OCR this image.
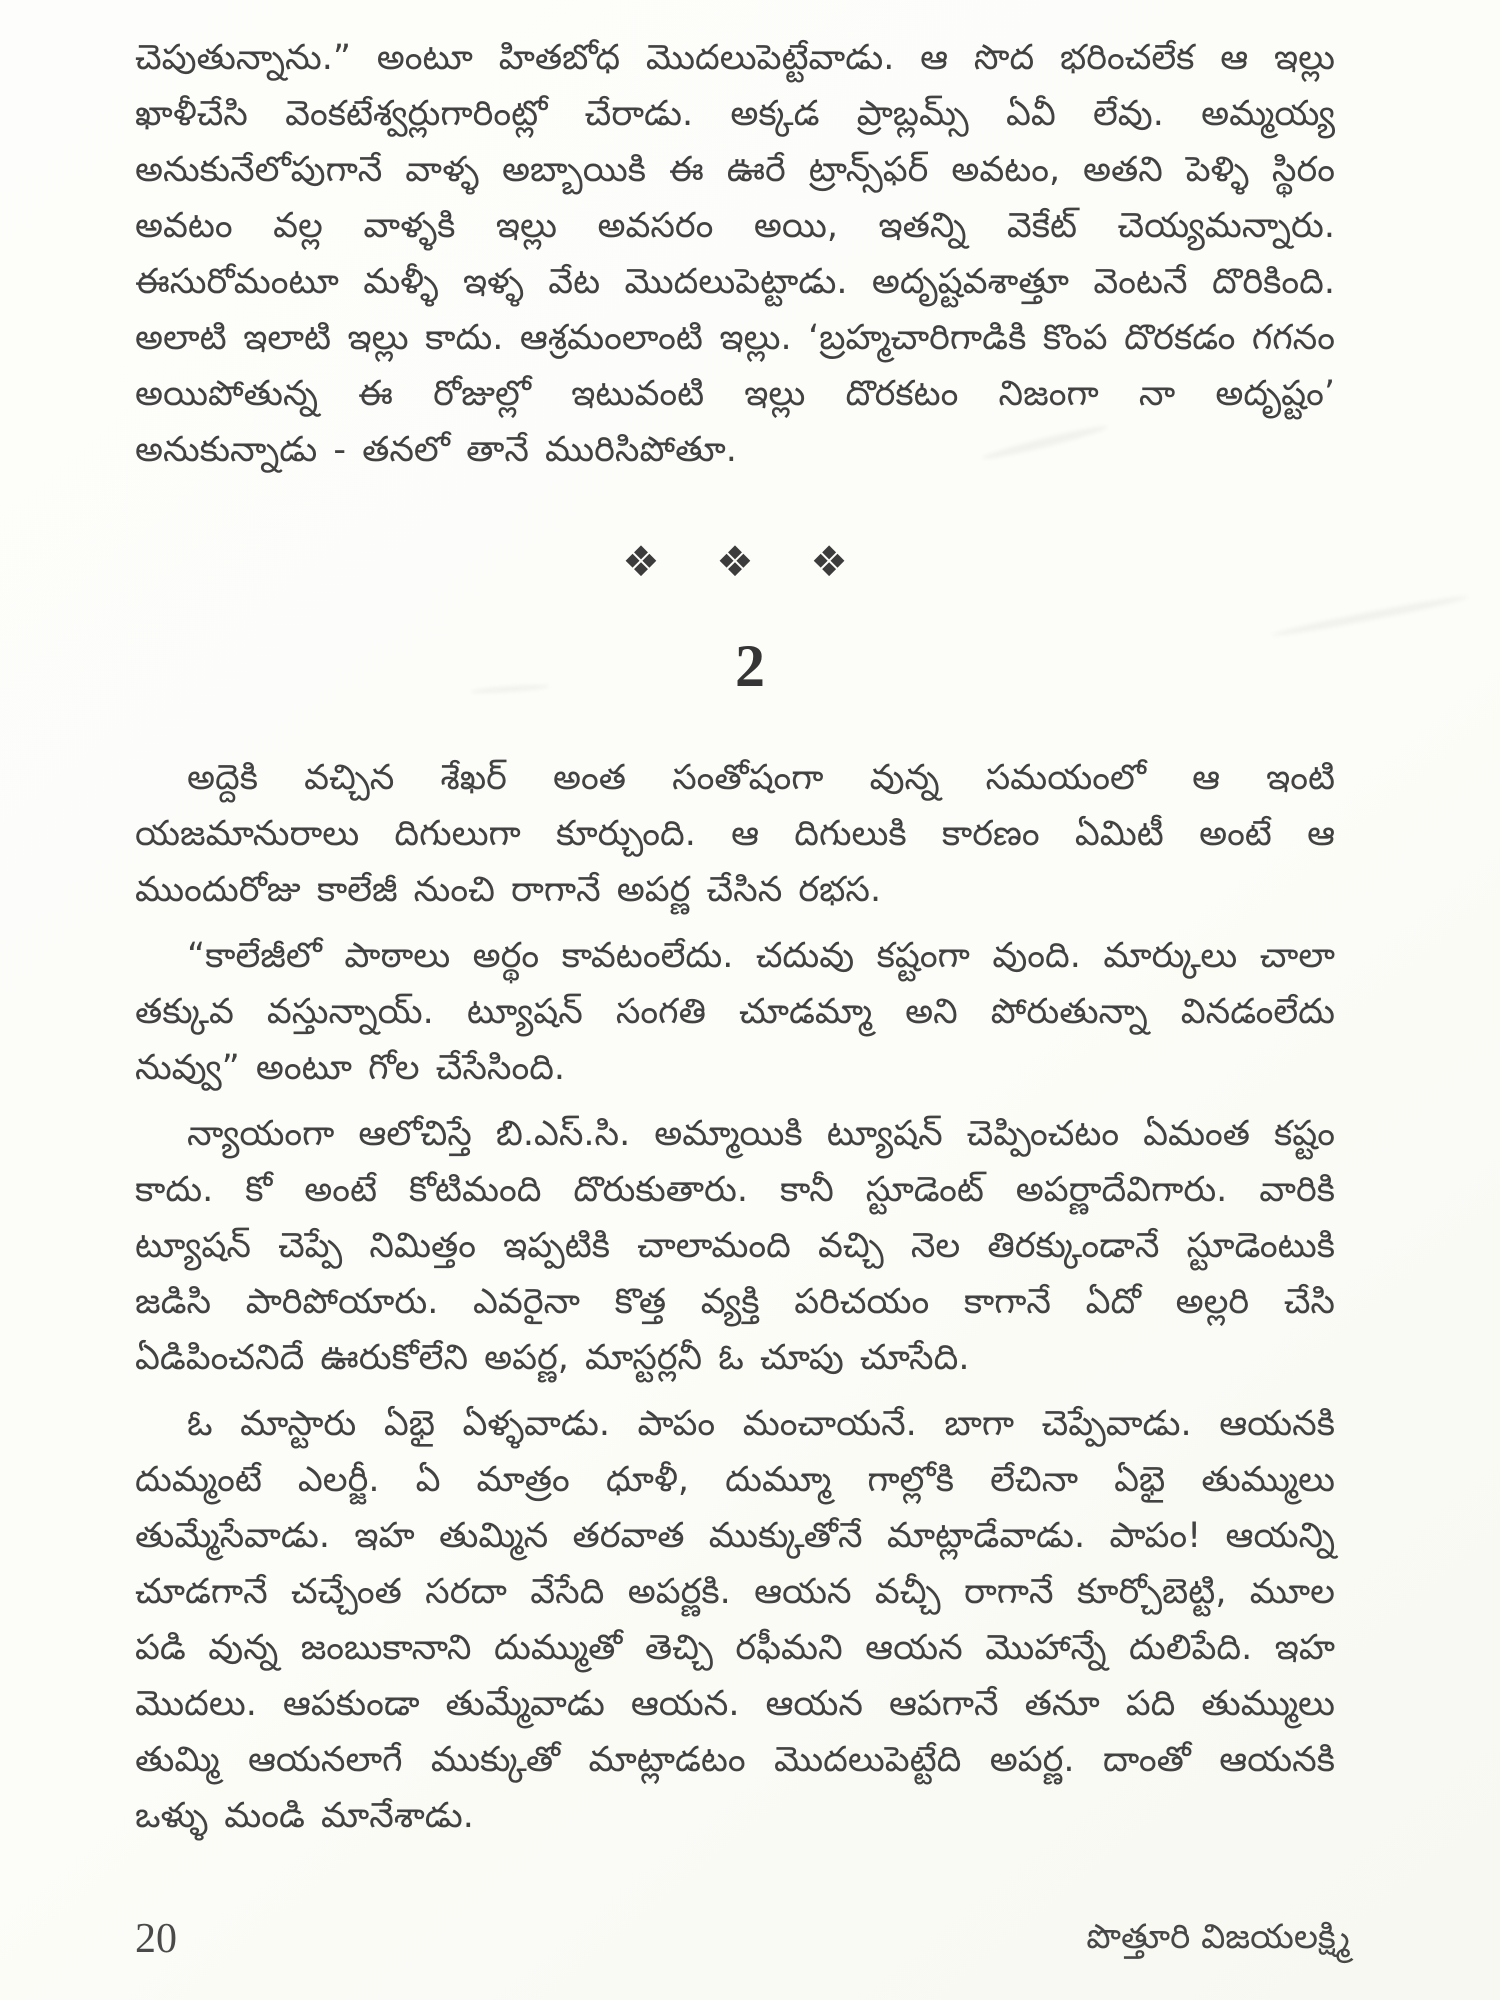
చెపుతున్నాను.” అంటూ హితబోధ మొదలుపెట్టేవాడు. ఆ సొద భరించలేక ఆ ఇల్లు ఖాళీచేసి వెంకటేశ్వర్లుగారింట్లో చేరాడు. అక్కడ ప్రాబ్లమ్స్ ఏవీ లేవు. అమ్మయ్య అనుకునేలోపుగానే వాళ్ళ అబ్బాయికి ఈ ఊరే ట్రాన్స్‌ఫర్ అవటం, అతని పెళ్ళి స్థిరం అవటం వల్ల వాళ్ళకి ఇల్లు అవసరం అయి, ఇతన్ని వెకేట్ చెయ్యమన్నారు. ఈసురోమంటూ మళ్ళీ ఇళ్ళ వేట మొదలుపెట్టాడు. అదృష్టవశాత్తూ వెంటనే దొరికింది. అలాటి ఇలాటి ఇల్లు కాదు. ఆశ్రమంలాంటి ఇల్లు. ‘బ్రహ్మచారిగాడికి కొంప దొరకడం గగనం అయిపోతున్న ఈ రోజుల్లో ఇటువంటి ఇల్లు దొరకటం నిజంగా నా అదృష్టం’ అనుకున్నాడు - తనలో తానే మురిసిపోతూ.

❖ ❖ ❖
2

అద్దెకి వచ్చిన శేఖర్ అంత సంతోషంగా వున్న సమయంలో ఆ ఇంటి యజమానురాలు దిగులుగా కూర్చుంది. ఆ దిగులుకి కారణం ఏమిటీ అంటే ఆ ముందురోజు కాలేజీ నుంచి రాగానే అపర్ణ చేసిన రభస.

“కాలేజీలో పాఠాలు అర్థం కావటంలేదు. చదువు కష్టంగా వుంది. మార్కులు చాలా తక్కువ వస్తున్నాయ్. ట్యూషన్ సంగతి చూడమ్మా అని పోరుతున్నా వినడంలేదు నువ్వు” అంటూ గోల చేసేసింది.

న్యాయంగా ఆలోచిస్తే బి.ఎస్.సి. అమ్మాయికి ట్యూషన్ చెప్పించటం ఏమంత కష్టం కాదు. కో అంటే కోటిమంది దొరుకుతారు. కానీ స్టూడెంట్ అపర్ణాదేవిగారు. వారికి ట్యూషన్ చెప్పే నిమిత్తం ఇప్పటికి చాలామంది వచ్చి నెల తిరక్కుండానే స్టూడెంటుకి జడిసి పారిపోయారు. ఎవరైనా కొత్త వ్యక్తి పరిచయం కాగానే ఏదో అల్లరి చేసి ఏడిపించనిదే ఊరుకోలేని అపర్ణ, మాస్టర్లనీ ఓ చూపు చూసేది.

ఓ మాస్టారు ఏభై ఏళ్ళవాడు. పాపం మంచాయనే. బాగా చెప్పేవాడు. ఆయనకి దుమ్మంటే ఎలర్జీ. ఏ మాత్రం ధూళీ, దుమ్మూ గాల్లోకి లేచినా ఏభై తుమ్ములు తుమ్మేసేవాడు. ఇహ తుమ్మిన తరవాత ముక్కుతోనే మాట్లాడేవాడు. పాపం! ఆయన్ని చూడగానే చచ్చేంత సరదా వేసేది అపర్ణకి. ఆయన వచ్చీ రాగానే కూర్చోబెట్టి, మూల పడి వున్న జంబుకానాని దుమ్ముతో తెచ్చి రఫీమని ఆయన మొహాన్నే దులిపేది. ఇహ మొదలు. ఆపకుండా తుమ్మేవాడు ఆయన. ఆయన ఆపగానే తనూ పది తుమ్ములు తుమ్మి ఆయనలాగే ముక్కుతో మాట్లాడటం మొదలుపెట్టేది అపర్ణ. దాంతో ఆయనకి ఒళ్ళు మండి మానేశాడు.

20	పొత్తూరి విజయలక్ష్మి
